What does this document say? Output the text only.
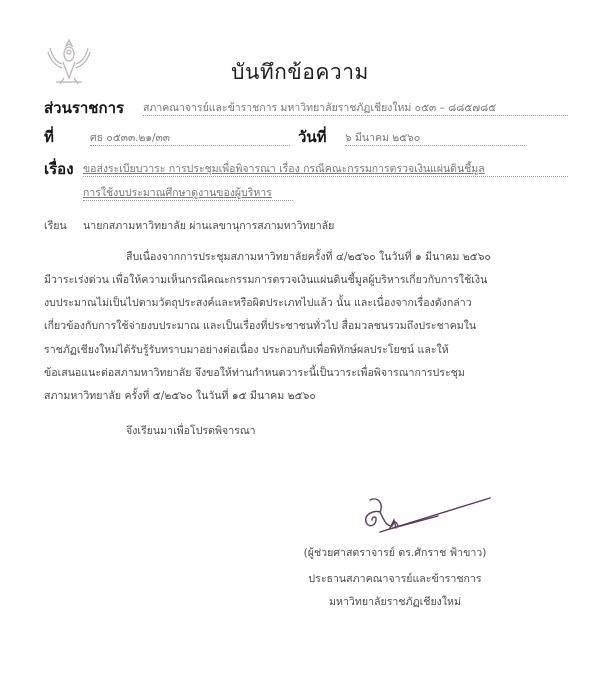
บันทึกข้อความ
ส่วนราชการ สภาคณาจารย์และข้าราชการ มหาวิทยาลัยราชภัฏเชียงใหม่ ๐๕๓ – ๘๘๕๗๘๕
ที่	ศธ ๐๕๓๓.๒๑/๓๓	วันที่ ๖ มีนาคม ๒๕๖๐
เรื่อง ขอส่งระเบียบวาระ การประชุมเพื่อพิจารณา เรื่อง กรณีคณะกรรมการตรวจเงินแผ่นดินชี้มูล
การใช้งบประมาณศึกษาดูงานของผู้บริหาร
เรียน นายกสภามหาวิทยาลัย ผ่านเลขานุการสภามหาวิทยาลัย
สืบเนื่องจากการประชุมสภามหาวิทยาลัยครั้งที่ ๔/๒๕๖๐ ในวันที่ ๑ มีนาคม ๒๕๖๐
มีวาระเร่งด่วน เพื่อให้ความเห็นกรณีคณะกรรมการตรวจเงินแผ่นดินชี้มูลผู้บริหารเกี่ยวกับการใช้เงิน
งบประมาณไม่เป็นไปตามวัตถุประสงค์และหรือผิดประเภทไปแล้ว นั้น และเนื่องจากเรื่องดังกล่าว
เกี่ยวข้องกับการใช้จ่ายงบประมาณ และเป็นเรื่องที่ประชาชนทั่วไป สื่อมวลชนรวมถึงประชาคมใน
ราชภัฏเชียงใหม่ได้รับรู้รับทราบมาอย่างต่อเนื่อง ประกอบกับเพื่อพิทักษ์ผลประโยชน์ และให้
ข้อเสนอแนะต่อสภามหาวิทยาลัย จึงขอให้ท่านกำหนดวาระนี้เป็นวาระเพื่อพิจารณาการประชุม
สภามหาวิทยาลัย ครั้งที่ ๕/๒๕๖๐ ในวันที่ ๑๕ มีนาคม ๒๕๖๐
จึงเรียนมาเพื่อโปรดพิจารณา
(ผู้ช่วยศาสตราจารย์ ดร.ศักราช ฟ้าขาว)
ประธานสภาคณาจารย์และข้าราชการ
มหาวิทยาลัยราชภัฏเชียงใหม่
